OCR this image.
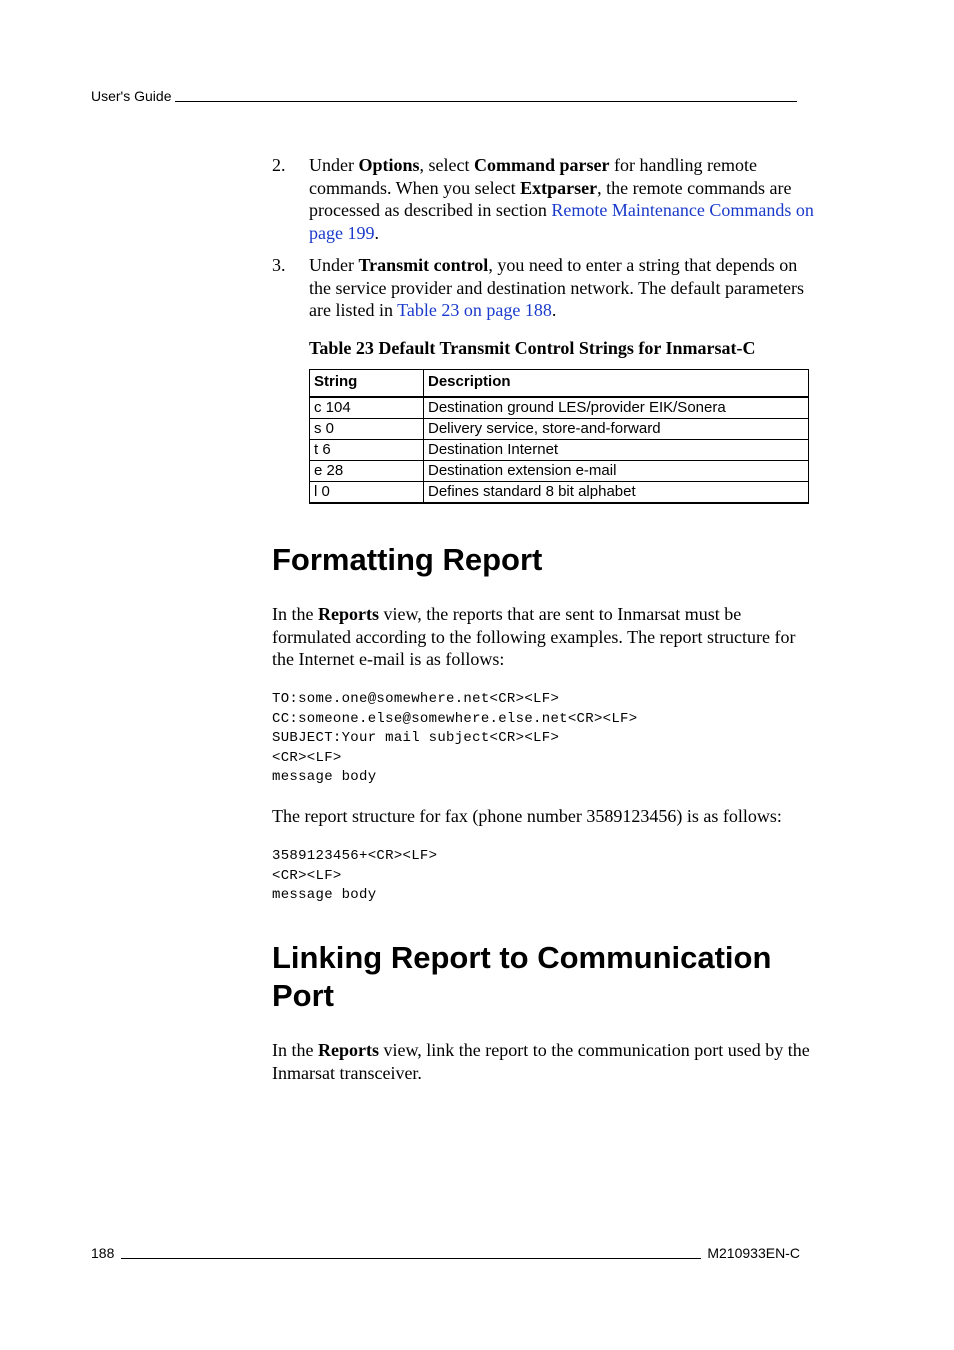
User's Guide
2. Under Options, select Command parser for handling remote commands. When you select Extparser, the remote commands are processed as described in section Remote Maintenance Commands on page 199.
3. Under Transmit control, you need to enter a string that depends on the service provider and destination network. The default parameters are listed in Table 23 on page 188.
Table 23 Default Transmit Control Strings for Inmarsat-C
String	Description
c 104	Destination ground LES/provider EIK/Sonera
s 0	Delivery service, store-and-forward
t 6	Destination Internet
e 28	Destination extension e-mail
l 0	Defines standard 8 bit alphabet
Formatting Report

In the Reports view, the reports that are sent to Inmarsat must be formulated according to the following examples. The report structure for the Internet e-mail is as follows:

TO:some.one@somewhere.net<CR><LF>
CC:someone.else@somewhere.else.net<CR><LF>
SUBJECT:Your mail subject<CR><LF>
<CR><LF>
message body

The report structure for fax (phone number 3589123456) is as follows:

3589123456+<CR><LF>
<CR><LF>
message body
Linking Report to Communication
Port

In the Reports view, link the report to the communication port used by the Inmarsat transceiver.

188	M210933EN-C
